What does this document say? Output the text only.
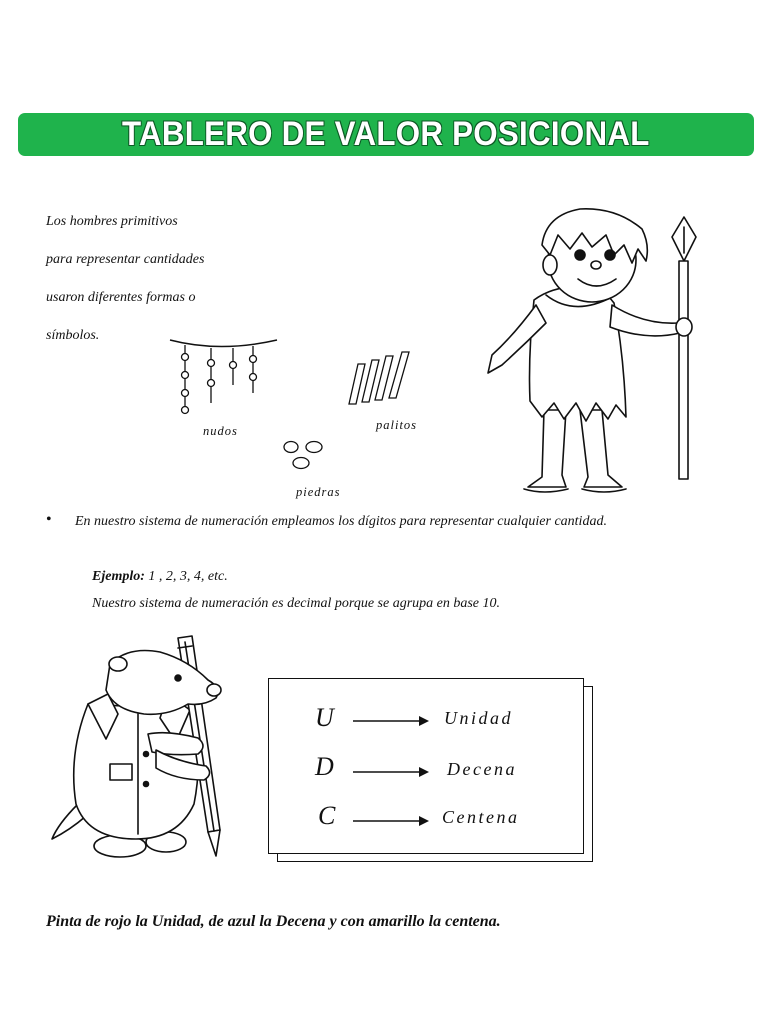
TABLERO DE VALOR POSICIONAL
Los hombres primitivos
para representar cantidades
usaron diferentes formas o
símbolos.
nudos	palitos
piedras
• En nuestro sistema de numeración empleamos los dígitos para representar cualquier cantidad.
Ejemplo: 1 , 2, 3, 4, etc.
Nuestro sistema de numeración es decimal porque se agrupa en base 10.
U	Unidad
D	Decena
C	Centena
Pinta de rojo la Unidad, de azul la Decena y con amarillo la centena.
